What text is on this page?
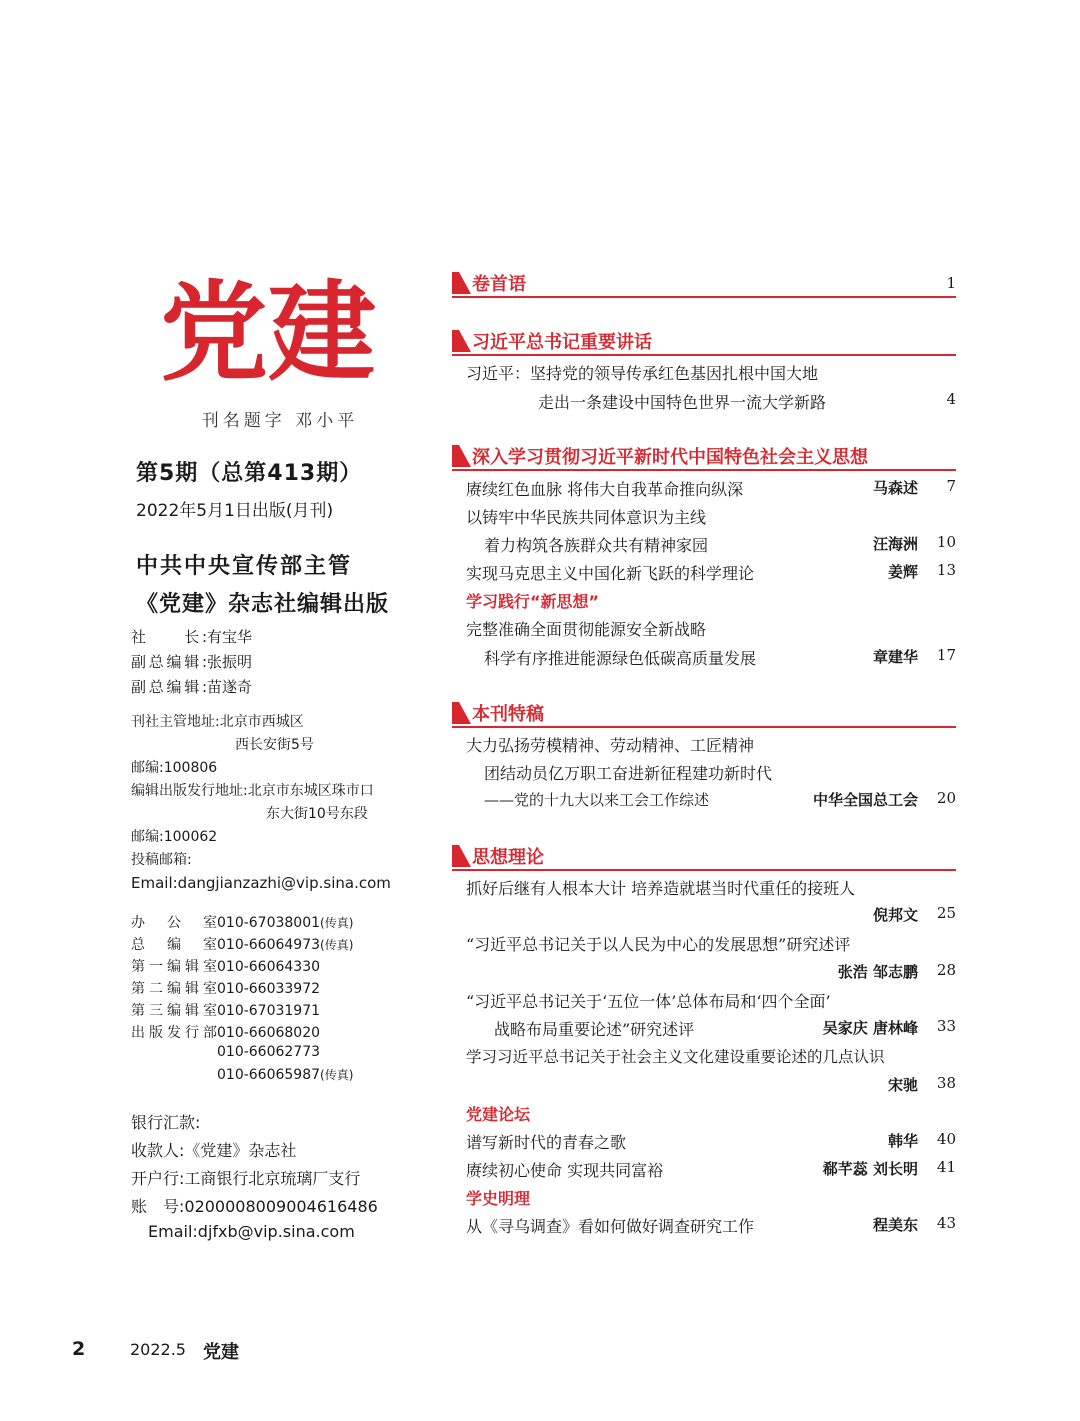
党建
刊名题字 邓小平
第5期（总第413期）
2022年5月1日出版(月刊)
中共中央宣传部主管
《党建》杂志社编辑出版
社　　长:有宝华
副总编辑:张振明
副总编辑:苗遂奇
刊社主管地址:北京市西城区
西长安街5号
邮编:100806
编辑出版发行地址:北京市东城区珠市口
东大街10号东段
邮编:100062
投稿邮箱:
Email:dangjianzazhi@vip.sina.com
办公室010-67038001(传真)
总编室010-66064973(传真)
第一编辑室010-66064330
第二编辑室010-66033972
第三编辑室010-67031971
出版发行部010-66068020
010-66062773
010-66065987(传真)
银行汇款:
收款人:《党建》杂志社
开户行:工商银行北京琉璃厂支行
账　号:0200008009004616486
Email:djfxb@vip.sina.com
2	2022.5 党建
卷首语	1
习近平总书记重要讲话
习近平：坚持党的领导传承红色基因扎根中国大地
走出一条建设中国特色世界一流大学新路	4
深入学习贯彻习近平新时代中国特色社会主义思想
赓续红色血脉 将伟大自我革命推向纵深	马森述 7
以铸牢中华民族共同体意识为主线
着力构筑各族群众共有精神家园	汪海洲 10
实现马克思主义中国化新飞跃的科学理论	姜辉 13
学习践行“新思想”
完整准确全面贯彻能源安全新战略
科学有序推进能源绿色低碳高质量发展	章建华 17
本刊特稿
大力弘扬劳模精神、劳动精神、工匠精神
团结动员亿万职工奋进新征程建功新时代
——党的十九大以来工会工作综述	中华全国总工会 20
思想理论
抓好后继有人根本大计 培养造就堪当时代重任的接班人
倪邦文 25
“习近平总书记关于以人民为中心的发展思想”研究述评
张浩 邹志鹏 28
“习近平总书记关于‘五位一体’总体布局和‘四个全面’
战略布局重要论述”研究述评	吴家庆 唐林峰 33
学习习近平总书记关于社会主义文化建设重要论述的几点认识
宋驰 38
党建论坛
谱写新时代的青春之歌	韩华 40
赓续初心使命 实现共同富裕	郗芊蕊 刘长明 41
学史明理
从《寻乌调查》看如何做好调查研究工作	程美东 43
